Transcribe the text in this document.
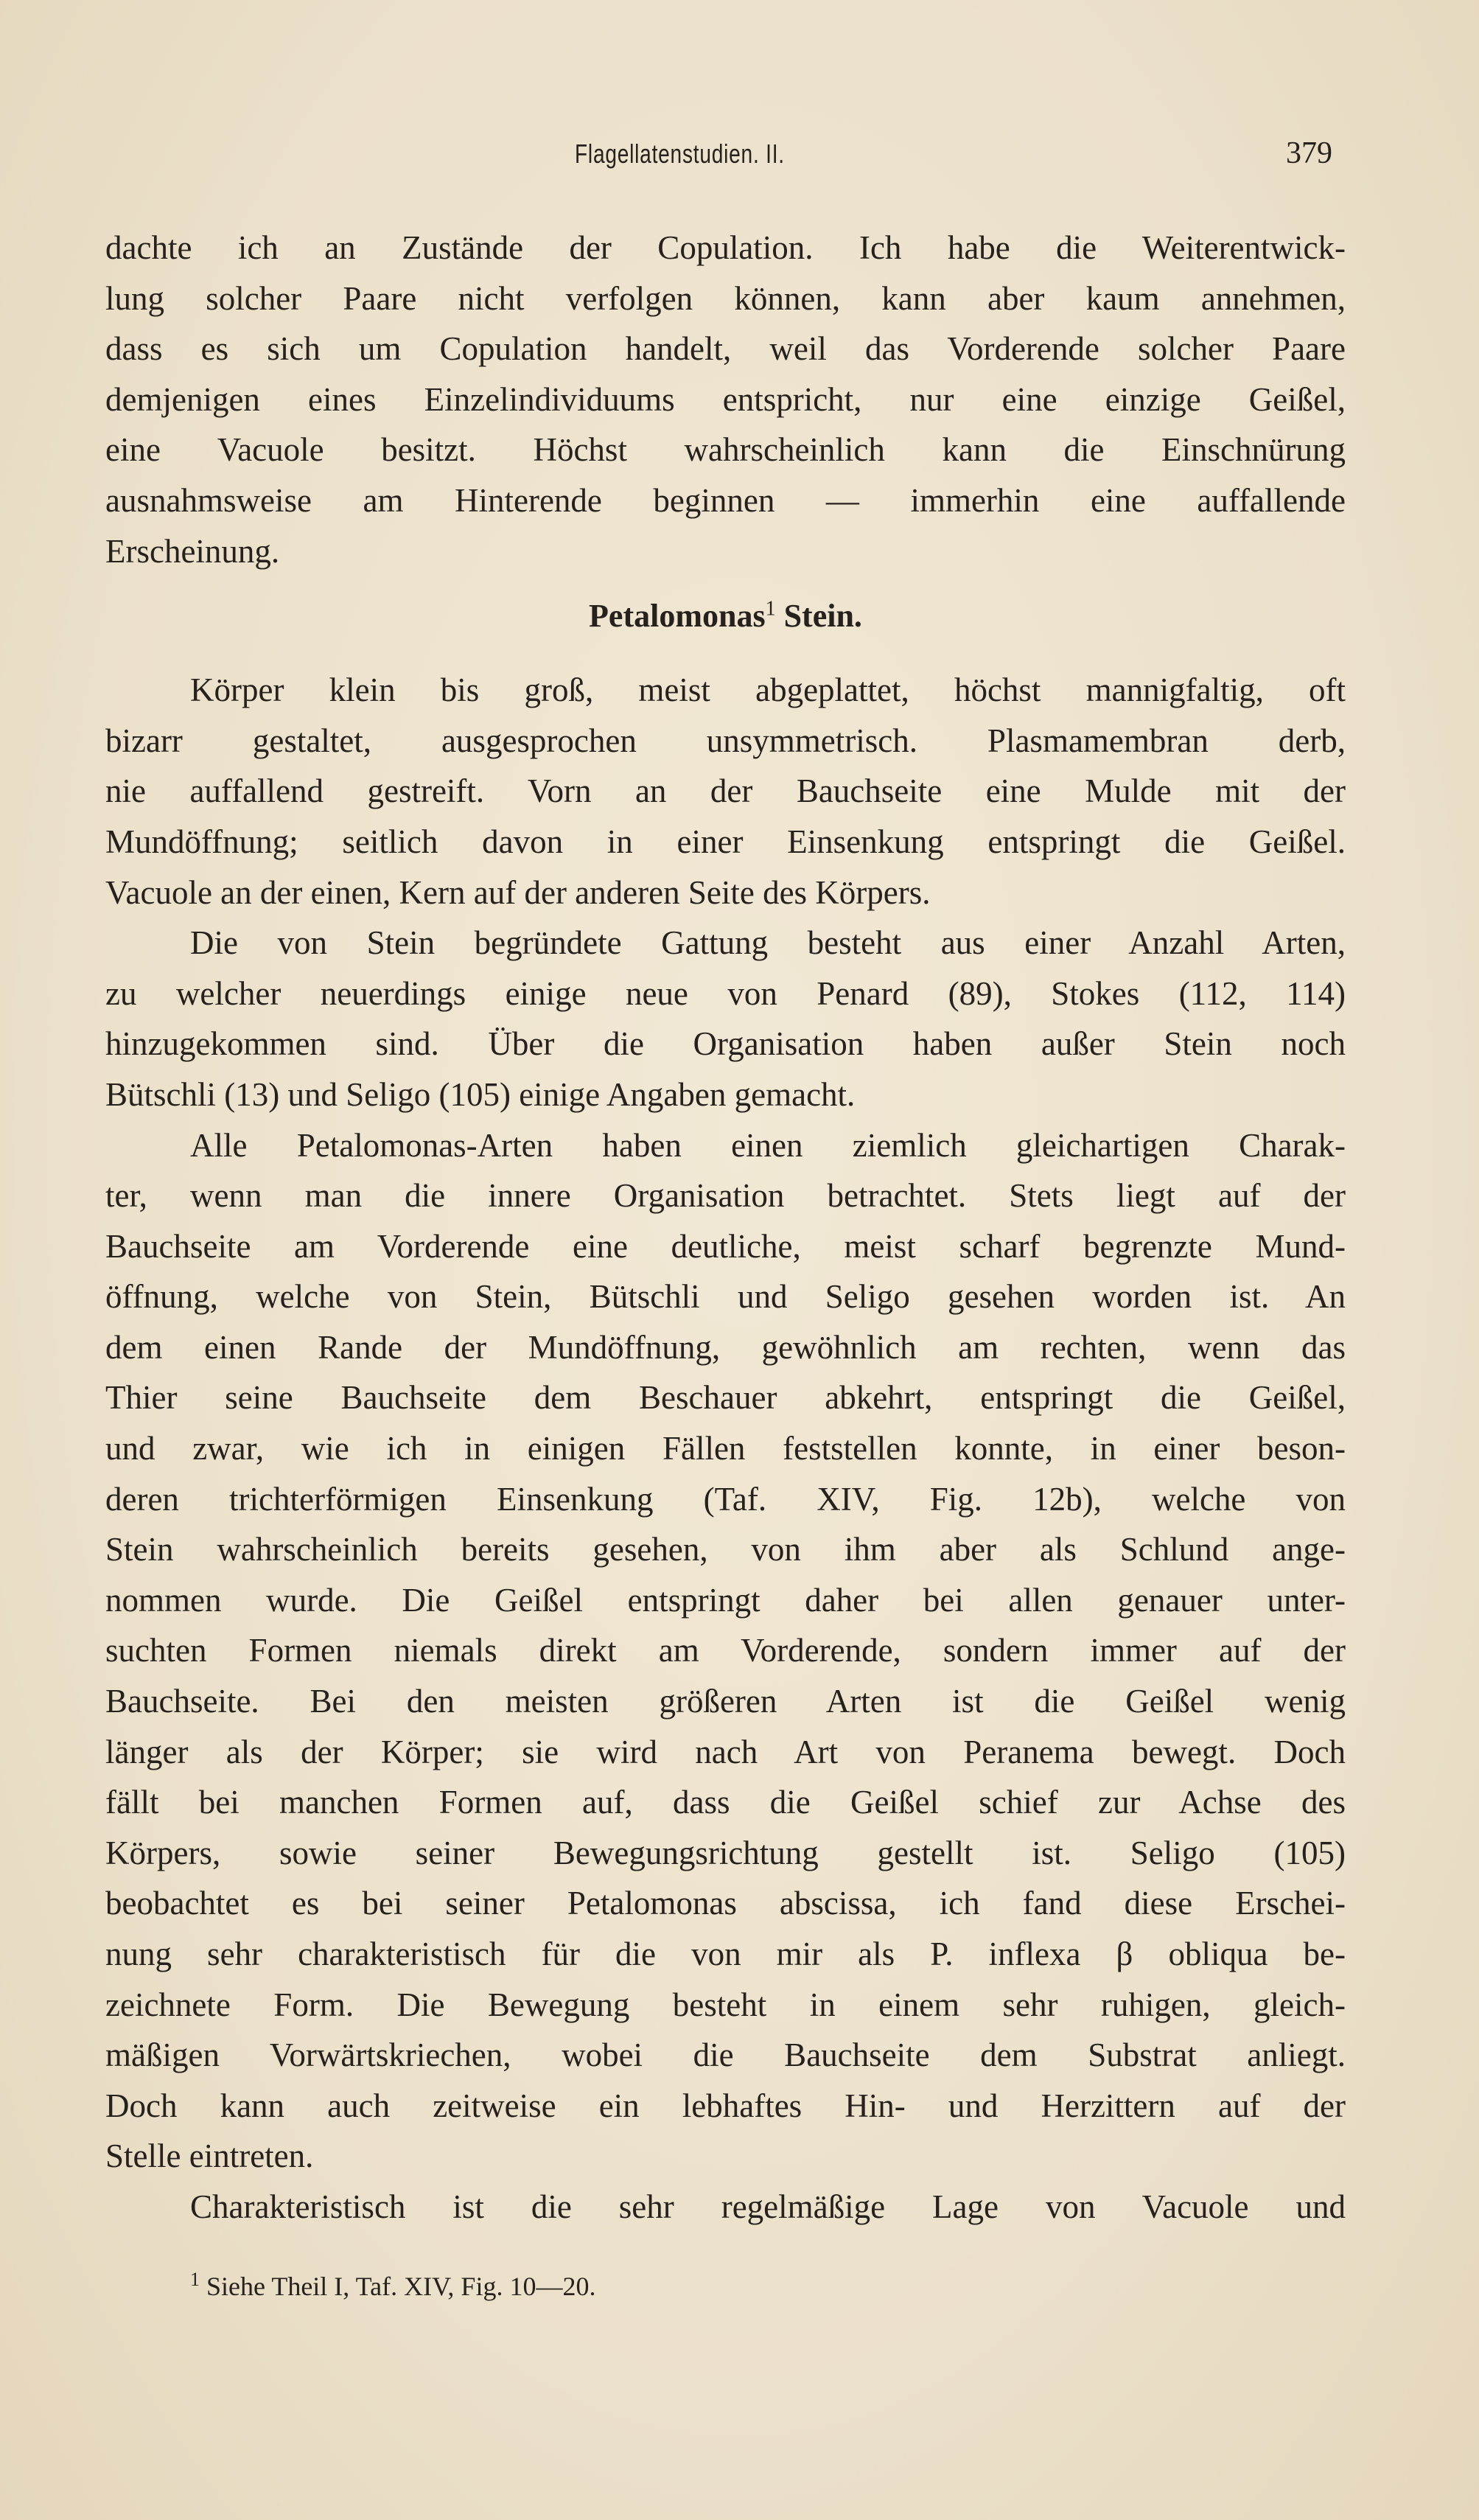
Flagellatenstudien. II.	379
dachte ich an Zustände der Copulation. Ich habe die Weiterentwick-
lung solcher Paare nicht verfolgen können, kann aber kaum annehmen,
dass es sich um Copulation handelt, weil das Vorderende solcher Paare
demjenigen eines Einzelindividuums entspricht, nur eine einzige Geißel,
eine Vacuole besitzt. Höchst wahrscheinlich kann die Einschnürung
ausnahmsweise am Hinterende beginnen — immerhin eine auffallende
Erscheinung.
Petalomonas$^1$ Stein.
Körper klein bis groß, meist abgeplattet, höchst mannigfaltig, oft
bizarr gestaltet, ausgesprochen unsymmetrisch. Plasmamembran derb,
nie auffallend gestreift. Vorn an der Bauchseite eine Mulde mit der
Mundöffnung; seitlich davon in einer Einsenkung entspringt die Geißel.
Vacuole an der einen, Kern auf der anderen Seite des Körpers.
Die von Stein begründete Gattung besteht aus einer Anzahl Arten,
zu welcher neuerdings einige neue von Penard (89), Stokes (112, 114)
hinzugekommen sind. Über die Organisation haben außer Stein noch
Bütschli (13) und Seligo (105) einige Angaben gemacht.
Alle Petalomonas-Arten haben einen ziemlich gleichartigen Charak-
ter, wenn man die innere Organisation betrachtet. Stets liegt auf der
Bauchseite am Vorderende eine deutliche, meist scharf begrenzte Mund-
öffnung, welche von Stein, Bütschli und Seligo gesehen worden ist. An
dem einen Rande der Mundöffnung, gewöhnlich am rechten, wenn das
Thier seine Bauchseite dem Beschauer abkehrt, entspringt die Geißel,
und zwar, wie ich in einigen Fällen feststellen konnte, in einer beson-
deren trichterförmigen Einsenkung (Taf. XIV, Fig. 12b), welche von
Stein wahrscheinlich bereits gesehen, von ihm aber als Schlund ange-
nommen wurde. Die Geißel entspringt daher bei allen genauer unter-
suchten Formen niemals direkt am Vorderende, sondern immer auf der
Bauchseite. Bei den meisten größeren Arten ist die Geißel wenig
länger als der Körper; sie wird nach Art von Peranema bewegt. Doch
fällt bei manchen Formen auf, dass die Geißel schief zur Achse des
Körpers, sowie seiner Bewegungsrichtung gestellt ist. Seligo (105)
beobachtet es bei seiner Petalomonas abscissa, ich fand diese Erschei-
nung sehr charakteristisch für die von mir als P. inflexa β obliqua be-
zeichnete Form. Die Bewegung besteht in einem sehr ruhigen, gleich-
mäßigen Vorwärtskriechen, wobei die Bauchseite dem Substrat anliegt.
Doch kann auch zeitweise ein lebhaftes Hin- und Herzittern auf der
Stelle eintreten.
Charakteristisch ist die sehr regelmäßige Lage von Vacuole und
$^1$ Siehe Theil I, Taf. XIV, Fig. 10—20.
